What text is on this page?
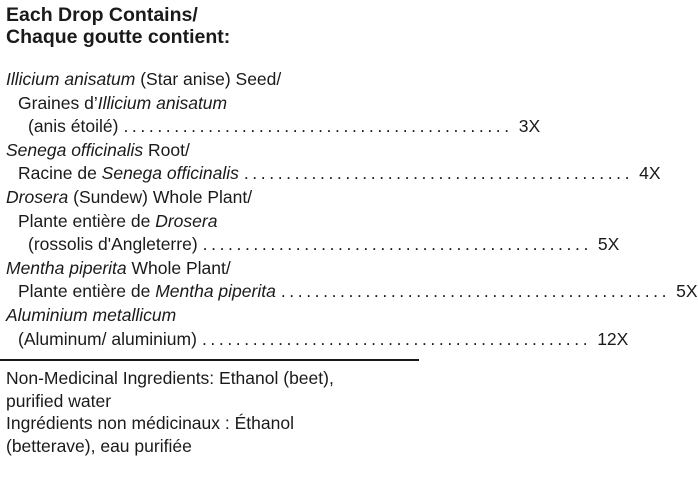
Each Drop Contains/
Chaque goutte contient:
Illicium anisatum (Star anise) Seed/
Graines d’Illicium anisatum
(anis étoilé) .............................................. 3X
Senega officinalis Root/
Racine de Senega officinalis .............................................. 4X
Drosera (Sundew) Whole Plant/
Plante entière de Drosera
(rossolis d'Angleterre) .............................................. 5X
Mentha piperita Whole Plant/
Plante entière de Mentha piperita .............................................. 5X
Aluminium metallicum
(Aluminum/ aluminium) .............................................. 12X
Non-Medicinal Ingredients: Ethanol (beet),
purified water
Ingrédients non médicinaux : Éthanol
(betterave), eau purifiée
